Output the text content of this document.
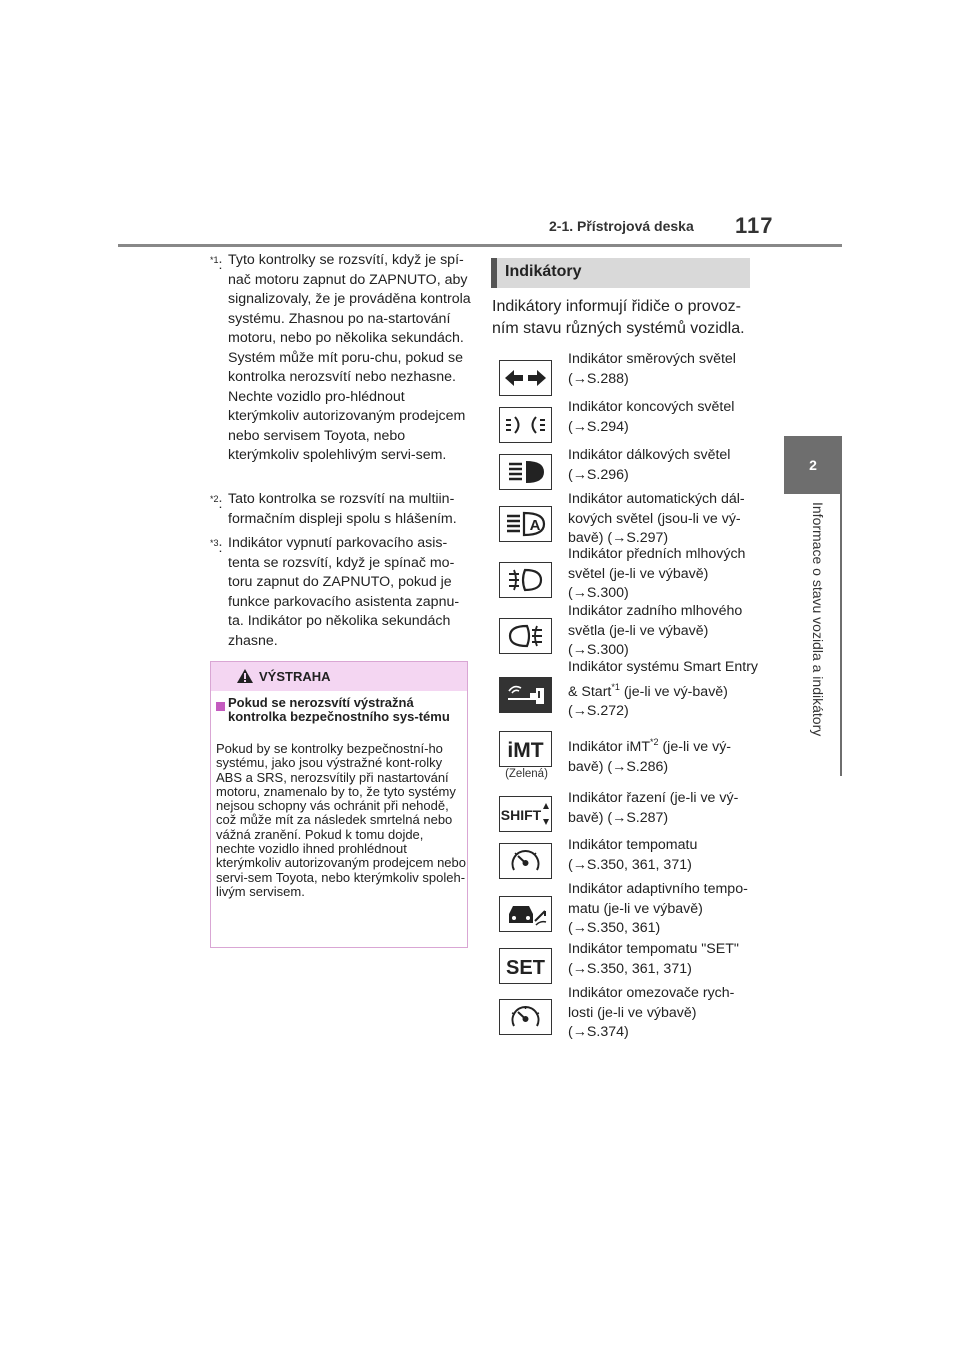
2-1. Přístrojová deska 117
2
Informace o stavu vozidla a indikátory
$^{*1}$: Tyto kontrolky se rozsvítí, když je spí-nač motoru zapnut do ZAPNUTO, aby signalizovaly, že je prováděna kontrola systému. Zhasnou po na-startování motoru, nebo po několika sekundách. Systém může mít poru-chu, pokud se kontrolka nerozsvítí nebo nezhasne. Nechte vozidlo pro-hlédnout kterýmkoliv autorizovaným prodejcem nebo servisem Toyota, nebo kterýmkoliv spolehlivým servi-sem.
$^{*2}$: Tato kontrolka se rozsvítí na multiin-formačním displeji spolu s hlášením.
$^{*3}$: Indikátor vypnutí parkovacího asis-tenta se rozsvítí, když je spínač mo-toru zapnut do ZAPNUTO, pokud je funkce parkovacího asistenta zapnu-ta. Indikátor po několika sekundách zhasne.
VÝSTRAHA
Pokud se nerozsvítí výstražná kontrolka bezpečnostního sys-tému
Pokud by se kontrolky bezpečnostní-ho systému, jako jsou výstražné kont-rolky ABS a SRS, nerozsvítily při nastartování motoru, znamenalo by to, že tyto systémy nejsou schopny vás ochránit při nehodě, což může mít za následek smrtelná nebo vážná zranění. Pokud k tomu dojde, nechte vozidlo ihned prohlédnout kterýmkoliv autorizovaným prodejcem nebo servi-sem Toyota, nebo kterýmkoliv spoleh-livým servisem.
Indikátory
Indikátory informují řidiče o provoz-ním stavu různých systémů vozidla.
Indikátor směrových světel (→S.288)
Indikátor koncových světel (→S.294)
Indikátor dálkových světel (→S.296)
A
Indikátor automatických dál-kových světel (jsou-li ve vý-bavě) (→S.297)
Indikátor předních mlhových světel (je-li ve výbavě) (→S.300)
Indikátor zadního mlhového světla (je-li ve výbavě) (→S.300)
Indikátor systému Smart Entry & Start$^{*1}$ (je-li ve vý-bavě) (→S.272)
iMT
(Zelená)
Indikátor iMT$^{*2}$ (je-li ve vý-bavě) (→S.286)
SHIFT
Indikátor řazení (je-li ve vý-bavě) (→S.287)
Indikátor tempomatu (→S.350, 361, 371)
Indikátor adaptivního tempo-matu (je-li ve výbavě) (→S.350, 361)
SET
Indikátor tempomatu "SET" (→S.350, 361, 371)
Indikátor omezovače rych-losti (je-li ve výbavě) (→S.374)
